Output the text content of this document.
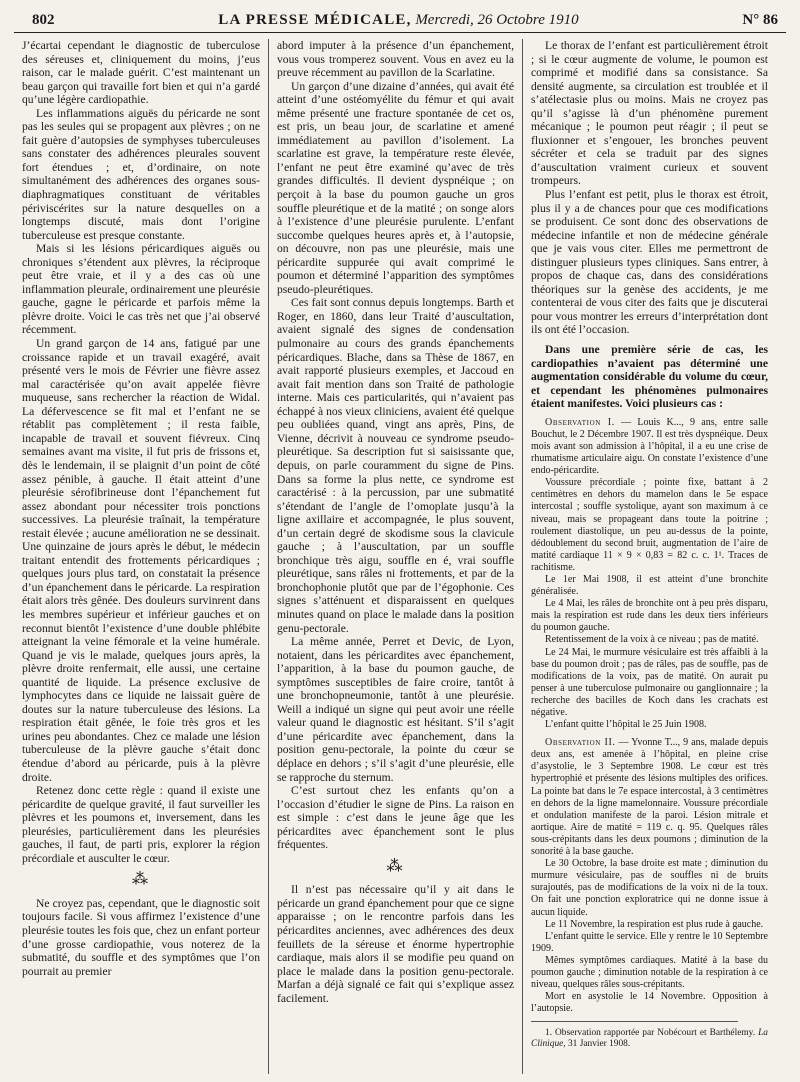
802	LA PRESSE MÉDICALE, Mercredi, 26 Octobre 1910	N° 86

J’écartai cependant le diagnostic de tuberculose des séreuses et, cliniquement du moins, j’eus raison, car le malade guérit. C’est maintenant un beau garçon qui travaille fort bien et qui n’a gardé qu’une légère cardiopathie.

Les inflammations aiguës du péricarde ne sont pas les seules qui se propagent aux plèvres ; on ne fait guère d’autopsies de symphyses tuberculeuses sans constater des adhérences pleurales souvent fort étendues ; et, d’ordinaire, on note simultanément des adhérences des organes sous-diaphragmatiques constituant de véritables périviscérites sur la nature desquelles on a longtemps discuté, mais dont l’origine tuberculeuse est presque constante.

Mais si les lésions péricardiques aiguës ou chroniques s’étendent aux plèvres, la réciproque peut être vraie, et il y a des cas où une inflammation pleurale, ordinairement une pleurésie gauche, gagne le péricarde et parfois même la plèvre droite. Voici le cas très net que j’ai observé récemment.

Un grand garçon de 14 ans, fatigué par une croissance rapide et un travail exagéré, avait présenté vers le mois de Février une fièvre assez mal caractérisée qu’on avait appelée fièvre muqueuse, sans rechercher la réaction de Widal. La défervescence se fit mal et l’enfant ne se rétablit pas complètement ; il resta faible, incapable de travail et souvent fiévreux. Cinq semaines avant ma visite, il fut pris de frissons et, dès le lendemain, il se plaignit d’un point de côté assez pénible, à gauche. Il était atteint d’une pleurésie sérofibrineuse dont l’épanchement fut assez abondant pour nécessiter trois ponctions successives. La pleurésie traînait, la température restait élevée ; aucune amélioration ne se dessinait. Une quinzaine de jours après le début, le médecin traitant entendit des frottements péricardiques ; quelques jours plus tard, on constatait la présence d’un épanchement dans le péricarde. La respiration était alors très gênée. Des douleurs survinrent dans les membres supérieur et inférieur gauches et on reconnut bientôt l’existence d’une double phlébite atteignant la veine fémorale et la veine humérale. Quand je vis le malade, quelques jours après, la plèvre droite renfermait, elle aussi, une certaine quantité de liquide. La présence exclusive de lymphocytes dans ce liquide ne laissait guère de doutes sur la nature tuberculeuse des lésions. La respiration était gênée, le foie très gros et les urines peu abondantes. Chez ce malade une lésion tuberculeuse de la plèvre gauche s’était donc étendue d’abord au péricarde, puis à la plèvre droite.

Retenez donc cette règle : quand il existe une péricardite de quelque gravité, il faut surveiller les plèvres et les poumons et, inversement, dans les pleurésies, particulièrement dans les pleurésies gauches, il faut, de parti pris, explorer la région précordiale et ausculter le cœur.

⁂

Ne croyez pas, cependant, que le diagnostic soit toujours facile. Si vous affirmez l’existence d’une pleurésie toutes les fois que, chez un enfant porteur d’une grosse cardiopathie, vous noterez de la submatité, du souffle et des symptômes que l’on pourrait au premier

abord imputer à la présence d’un épanchement, vous vous tromperez souvent. Vous en avez eu la preuve récemment au pavillon de la Scarlatine.

Un garçon d’une dizaine d’années, qui avait été atteint d’une ostéomyélite du fémur et qui avait même présenté une fracture spontanée de cet os, est pris, un beau jour, de scarlatine et amené immédiatement au pavillon d’isolement. La scarlatine est grave, la température reste élevée, l’enfant ne peut être examiné qu’avec de très grandes difficultés. Il devient dyspnéique ; on perçoit à la base du poumon gauche un gros souffle pleurétique et de la matité ; on songe alors à l’existence d’une pleurésie purulente. L’enfant succombe quelques heures après et, à l’autopsie, on découvre, non pas une pleurésie, mais une péricardite suppurée qui avait comprimé le poumon et déterminé l’apparition des symptômes pseudo-pleurétiques.

Ces fait sont connus depuis longtemps. Barth et Roger, en 1860, dans leur Traité d’auscultation, avaient signalé des signes de condensation pulmonaire au cours des grands épanchements péricardiques. Blache, dans sa Thèse de 1867, en avait rapporté plusieurs exemples, et Jaccoud en avait fait mention dans son Traité de pathologie interne. Mais ces particularités, qui n’avaient pas échappé à nos vieux cliniciens, avaient été quelque peu oubliées quand, vingt ans après, Pins, de Vienne, décrivit à nouveau ce syndrome pseudo-pleurétique. Sa description fut si saisissante que, depuis, on parle couramment du signe de Pins. Dans sa forme la plus nette, ce syndrome est caractérisé : à la percussion, par une submatité s’étendant de l’angle de l’omoplate jusqu’à la ligne axillaire et accompagnée, le plus souvent, d’un certain degré de skodisme sous la clavicule gauche ; à l’auscultation, par un souffle bronchique très aigu, souffle en é, vrai souffle pleurétique, sans râles ni frottements, et par de la bronchophonie plutôt que par de l’égophonie. Ces signes s’atténuent et disparaissent en quelques minutes quand on place le malade dans la position genu-pectorale.

La même année, Perret et Devic, de Lyon, notaient, dans les péricardites avec épanchement, l’apparition, à la base du poumon gauche, de symptômes susceptibles de faire croire, tantôt à une bronchopneumonie, tantôt à une pleurésie. Weill a indiqué un signe qui peut avoir une réelle valeur quand le diagnostic est hésitant. S’il s’agit d’une péricardite avec épanchement, dans la position genu-pectorale, la pointe du cœur se déplace en dehors ; s’il s’agit d’une pleurésie, elle se rapproche du sternum.

C’est surtout chez les enfants qu’on a l’occasion d’étudier le signe de Pins. La raison en est simple : c’est dans le jeune âge que les péricardites avec épanchement sont le plus fréquentes.

⁂

Il n’est pas nécessaire qu’il y ait dans le péricarde un grand épanchement pour que ce signe apparaisse ; on le rencontre parfois dans les péricardites anciennes, avec adhérences des deux feuillets de la séreuse et énorme hypertrophie cardiaque, mais alors il se modifie peu quand on place le malade dans la position genu-pectorale. Marfan a déjà signalé ce fait qui s’explique assez facilement.

Le thorax de l’enfant est particulièrement étroit ; si le cœur augmente de volume, le poumon est comprimé et modifié dans sa consistance. Sa densité augmente, sa circulation est troublée et il s’atélectasie plus ou moins. Mais ne croyez pas qu’il s’agisse là d’un phénomène purement mécanique ; le poumon peut réagir ; il peut se fluxionner et s’engouer, les bronches peuvent sécréter et cela se traduit par des signes d’auscultation vraiment curieux et souvent trompeurs.

Plus l’enfant est petit, plus le thorax est étroit, plus il y a de chances pour que ces modifications se produisent. Ce sont donc des observations de médecine infantile et non de médecine générale que je vais vous citer. Elles me permettront de distinguer plusieurs types cliniques. Sans entrer, à propos de chaque cas, dans des considérations théoriques sur la genèse des accidents, je me contenterai de vous citer des faits que je discuterai pour vous montrer les erreurs d’interprétation dont ils ont été l’occasion.

Dans une première série de cas, les cardiopathies n’avaient pas déterminé une augmentation considérable du volume du cœur, et cependant les phénomènes pulmonaires étaient manifestes. Voici plusieurs cas :

Observation I. — Louis K..., 9 ans, entre salle Bouchut, le 2 Décembre 1907. Il est très dyspnéique. Deux mois avant son admission à l’hôpital, il a eu une crise de rhumatisme articulaire aigu. On constate l’existence d’une endo-péricardite.

Voussure précordiale ; pointe fixe, battant à 2 centimètres en dehors du mamelon dans le 5e espace intercostal ; souffle systolique, ayant son maximum à ce niveau, mais se propageant dans toute la poitrine ; roulement diastolique, un peu au-dessus de la pointe, dédoublement du second bruit, augmentation de l’aire de matité cardiaque 11 × 9 × 0,83 = 82 c. c. 1¹. Traces de rachitisme.

Le 1er Mai 1908, il est atteint d’une bronchite généralisée.

Le 4 Mai, les râles de bronchite ont à peu près disparu, mais la respiration est rude dans les deux tiers inférieurs du poumon gauche.

Retentissement de la voix à ce niveau ; pas de matité.

Le 24 Mai, le murmure vésiculaire est très affaibli à la base du poumon droit ; pas de râles, pas de souffle, pas de modifications de la voix, pas de matité. On aurait pu penser à une tuberculose pulmonaire ou ganglionnaire ; la recherche des bacilles de Koch dans les crachats est négative.

L’enfant quitte l’hôpital le 25 Juin 1908.

Observation II. — Yvonne T..., 9 ans, malade depuis deux ans, est amenée à l’hôpital, en pleine crise d’asystolie, le 3 Septembre 1908. Le cœur est très hypertrophié et présente des lésions multiples des orifices. La pointe bat dans le 7e espace intercostal, à 3 centimètres en dehors de la ligne mamelonnaire. Voussure précordiale et ondulation manifeste de la paroi. Lésion mitrale et aortique. Aire de matité = 119 c. q. 95. Quelques râles sous-crépitants dans les deux poumons ; diminution de la sonorité à la base gauche.

Le 30 Octobre, la base droite est mate ; diminution du murmure vésiculaire, pas de souffles ni de bruits surajoutés, pas de modifications de la voix ni de la toux. On fait une ponction exploratrice qui ne donne issue à aucun liquide.

Le 11 Novembre, la respiration est plus rude à gauche.

L’enfant quitte le service. Elle y rentre le 10 Septembre 1909.

Mêmes symptômes cardiaques. Matité à la base du poumon gauche ; diminution notable de la respiration à ce niveau, quelques râles sous-crépitants.

Mort en asystolie le 14 Novembre. Opposition à l’autopsie.

1. Observation rapportée par Nobécourt et Barthélemy. La Clinique, 31 Janvier 1908.
